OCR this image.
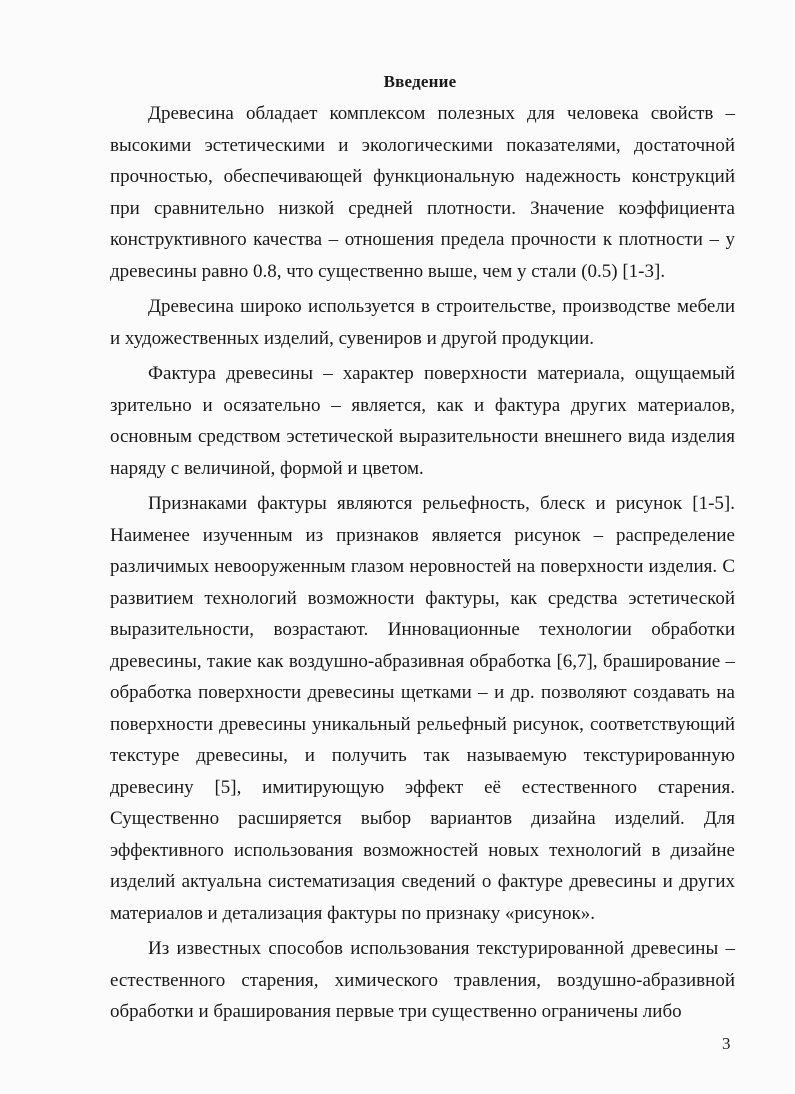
Введение

Древесина обладает комплексом полезных для человека свойств – высокими эстетическими и экологическими показателями, достаточной прочностью, обеспечивающей функциональную надежность конструкций при сравнительно низкой средней плотности. Значение коэффициента конструктивного качества – отношения предела прочности к плотности – у древесины равно 0.8, что существенно выше, чем у стали (0.5) [1-3].

Древесина широко используется в строительстве, производстве мебели и художественных изделий, сувениров и другой продукции.

Фактура древесины – характер поверхности материала, ощущаемый зрительно и осязательно – является, как и фактура других материалов, основным средством эстетической выразительности внешнего вида изделия наряду с величиной, формой и цветом.

Признаками фактуры являются рельефность, блеск и рисунок [1-5]. Наименее изученным из признаков является рисунок – распределение различимых невооруженным глазом неровностей на поверхности изделия. С развитием технологий возможности фактуры, как средства эстетической выразительности, возрастают. Инновационные технологии обработки древесины, такие как воздушно-абразивная обработка [6,7], браширование – обработка поверхности древесины щетками – и др. позволяют создавать на поверхности древесины уникальный рельефный рисунок, соответствующий текстуре древесины, и получить так называемую текстурированную древесину [5], имитирующую эффект её естественного старения. Существенно расширяется выбор вариантов дизайна изделий. Для эффективного использования возможностей новых технологий в дизайне изделий актуальна систематизация сведений о фактуре древесины и других материалов и детализация фактуры по признаку «рисунок».

Из известных способов использования текстурированной древесины – естественного старения, химического травления, воздушно-абразивной обработки и браширования первые три существенно ограничены либо

3
